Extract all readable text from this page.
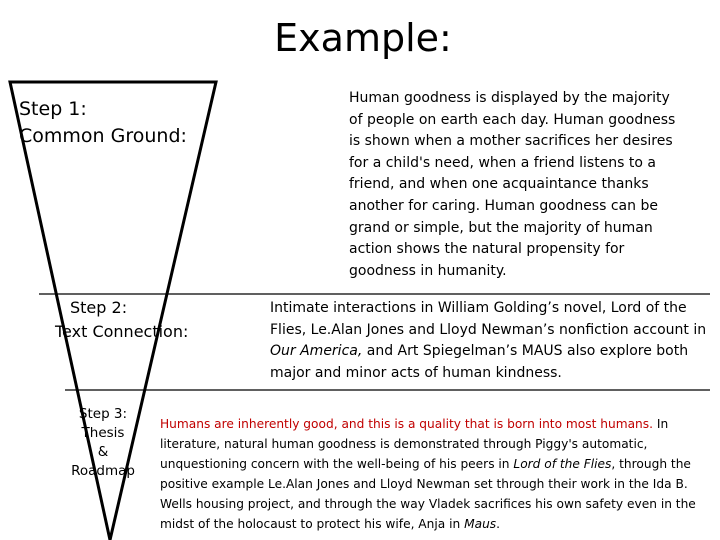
Example:
Step 1:
Common Ground:
Step 2:
Text Connection:
Step 3:
Thesis
&
Roadmap
Human goodness is displayed by the majority of people on earth each day. Human goodness is shown when a mother sacrifices her desires for a child's need, when a friend listens to a friend, and when one acquaintance thanks another for caring. Human goodness can be grand or simple, but the majority of human action shows the natural propensity for goodness in humanity.
Intimate interactions in William Golding’s novel, Lord of the Flies, Le.Alan Jones and Lloyd Newman’s nonfiction account in Our America, and Art Spiegelman’s MAUS also explore both major and minor acts of human kindness.
Humans are inherently good, and this is a quality that is born into most humans. In literature, natural human goodness is demonstrated through Piggy's automatic, unquestioning concern with the well-being of his peers in Lord of the Flies, through the positive example Le.Alan Jones and Lloyd Newman set through their work in the Ida B. Wells housing project, and through the way Vladek sacrifices his own safety even in the midst of the holocaust to protect his wife, Anja in Maus.
